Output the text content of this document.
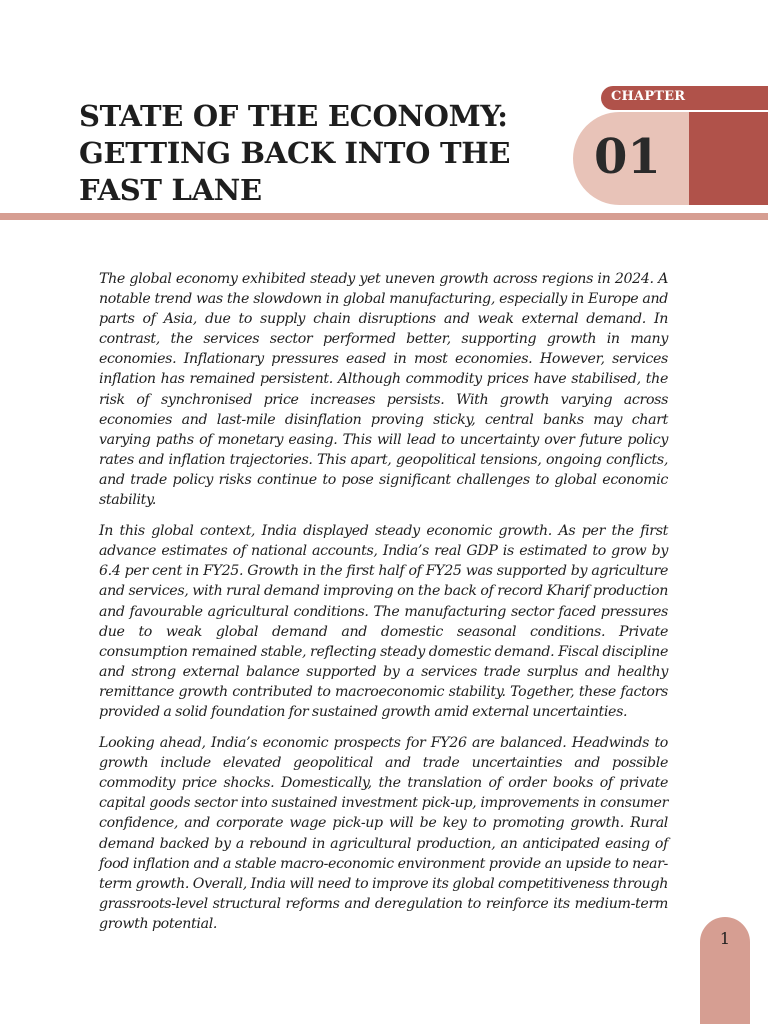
STATE OF THE ECONOMY:
GETTING BACK INTO THE
FAST LANE
CHAPTER
01

The global economy exhibited steady yet uneven growth across regions in 2024. A notable trend was the slowdown in global manufacturing, especially in Europe and parts of Asia, due to supply chain disruptions and weak external demand. In contrast, the services sector performed better, supporting growth in many economies. Inflationary pressures eased in most economies. However, services inflation has remained persistent. Although commodity prices have stabilised, the risk of synchronised price increases persists. With growth varying across economies and last-mile disinflation proving sticky, central banks may chart varying paths of monetary easing. This will lead to uncertainty over future policy rates and inflation trajectories. This apart, geopolitical tensions, ongoing conflicts, and trade policy risks continue to pose significant challenges to global economic stability.

In this global context, India displayed steady economic growth. As per the first advance estimates of national accounts, India’s real GDP is estimated to grow by 6.4 per cent in FY25. Growth in the first half of FY25 was supported by agriculture and services, with rural demand improving on the back of record Kharif production and favourable agricultural conditions. The manufacturing sector faced pressures due to weak global demand and domestic seasonal conditions. Private consumption remained stable, reflecting steady domestic demand. Fiscal discipline and strong external balance supported by a services trade surplus and healthy remittance growth contributed to macroeconomic stability. Together, these factors provided a solid foundation for sustained growth amid external uncertainties.

Looking ahead, India’s economic prospects for FY26 are balanced. Headwinds to growth include elevated geopolitical and trade uncertainties and possible commodity price shocks. Domestically, the translation of order books of private capital goods sector into sustained investment pick-up, improvements in consumer confidence, and corporate wage pick-up will be key to promoting growth. Rural demand backed by a rebound in agricultural production, an anticipated easing of food inflation and a stable macro-economic environment provide an upside to near-term growth. Overall, India will need to improve its global competitiveness through grassroots-level structural reforms and deregulation to reinforce its medium-term growth potential.

1
